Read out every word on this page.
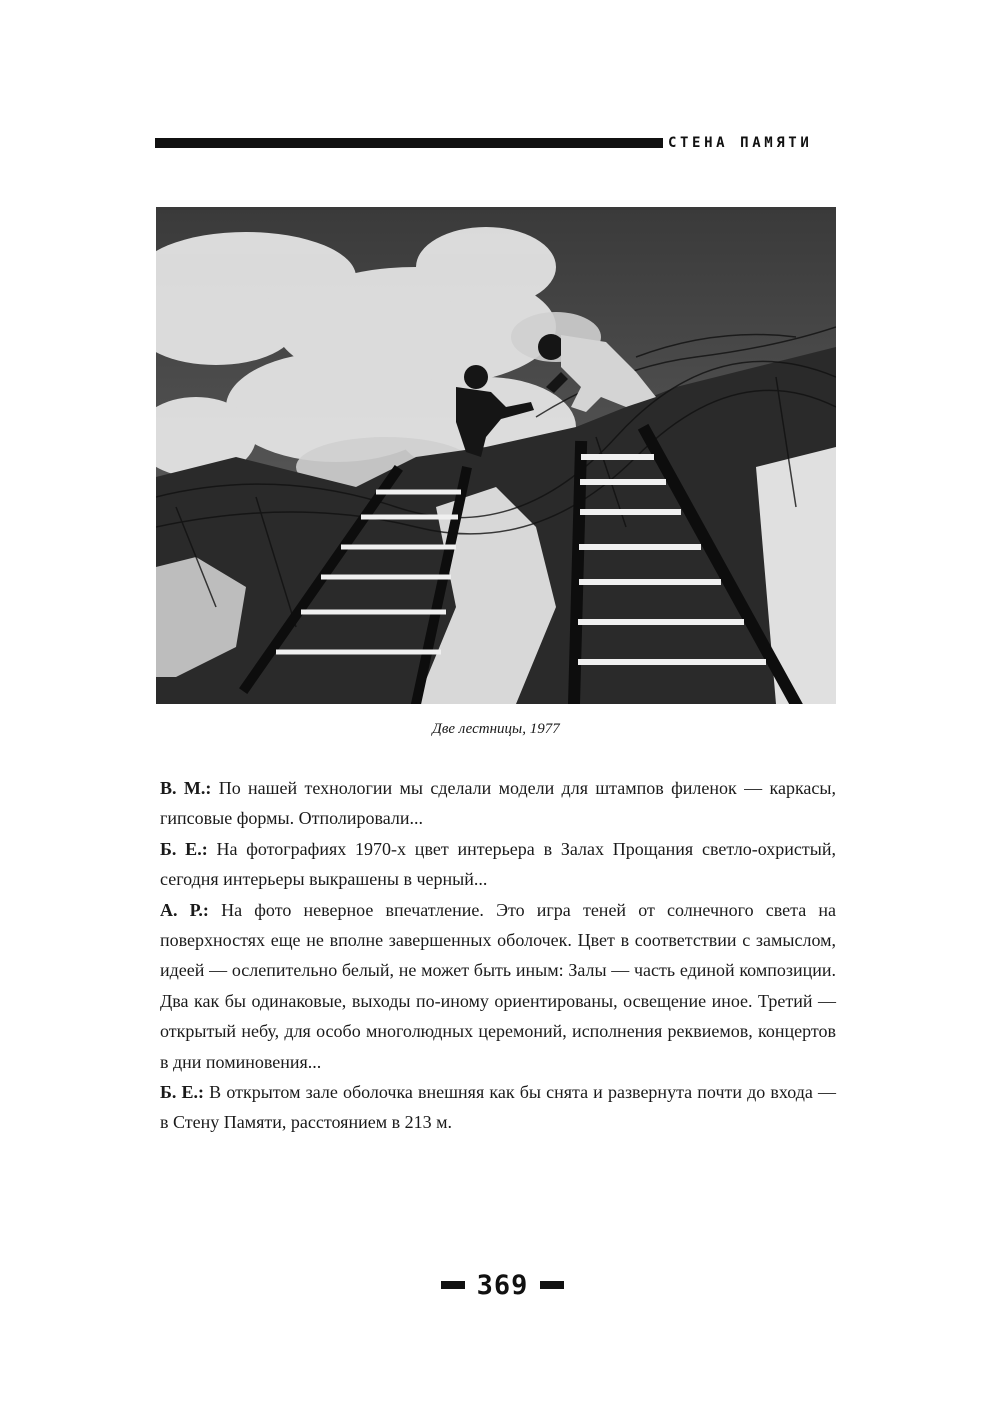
СТЕНА ПАМЯТИ
Две лестницы, 1977

В. М.: По нашей технологии мы сделали модели для штампов филенок — каркасы, гипсовые формы. Отполировали...

Б. Е.: На фотографиях 1970-х цвет интерьера в Залах Прощания светло-охристый, сегодня интерьеры выкрашены в черный...

А. Р.: На фото неверное впечатление. Это игра теней от солнечного света на поверхностях еще не вполне завершенных оболочек. Цвет в соответствии с замыслом, идеей — ослепительно белый, не может быть иным: Залы — часть единой композиции. Два как бы одинаковые, выходы по-иному ориентированы, освещение иное. Третий — открытый небу, для особо многолюдных церемоний, исполнения реквиемов, концертов в дни поминовения...

Б. Е.: В открытом зале оболочка внешняя как бы снята и развернута почти до входа — в Стену Памяти, расстоянием в 213 м.

369
